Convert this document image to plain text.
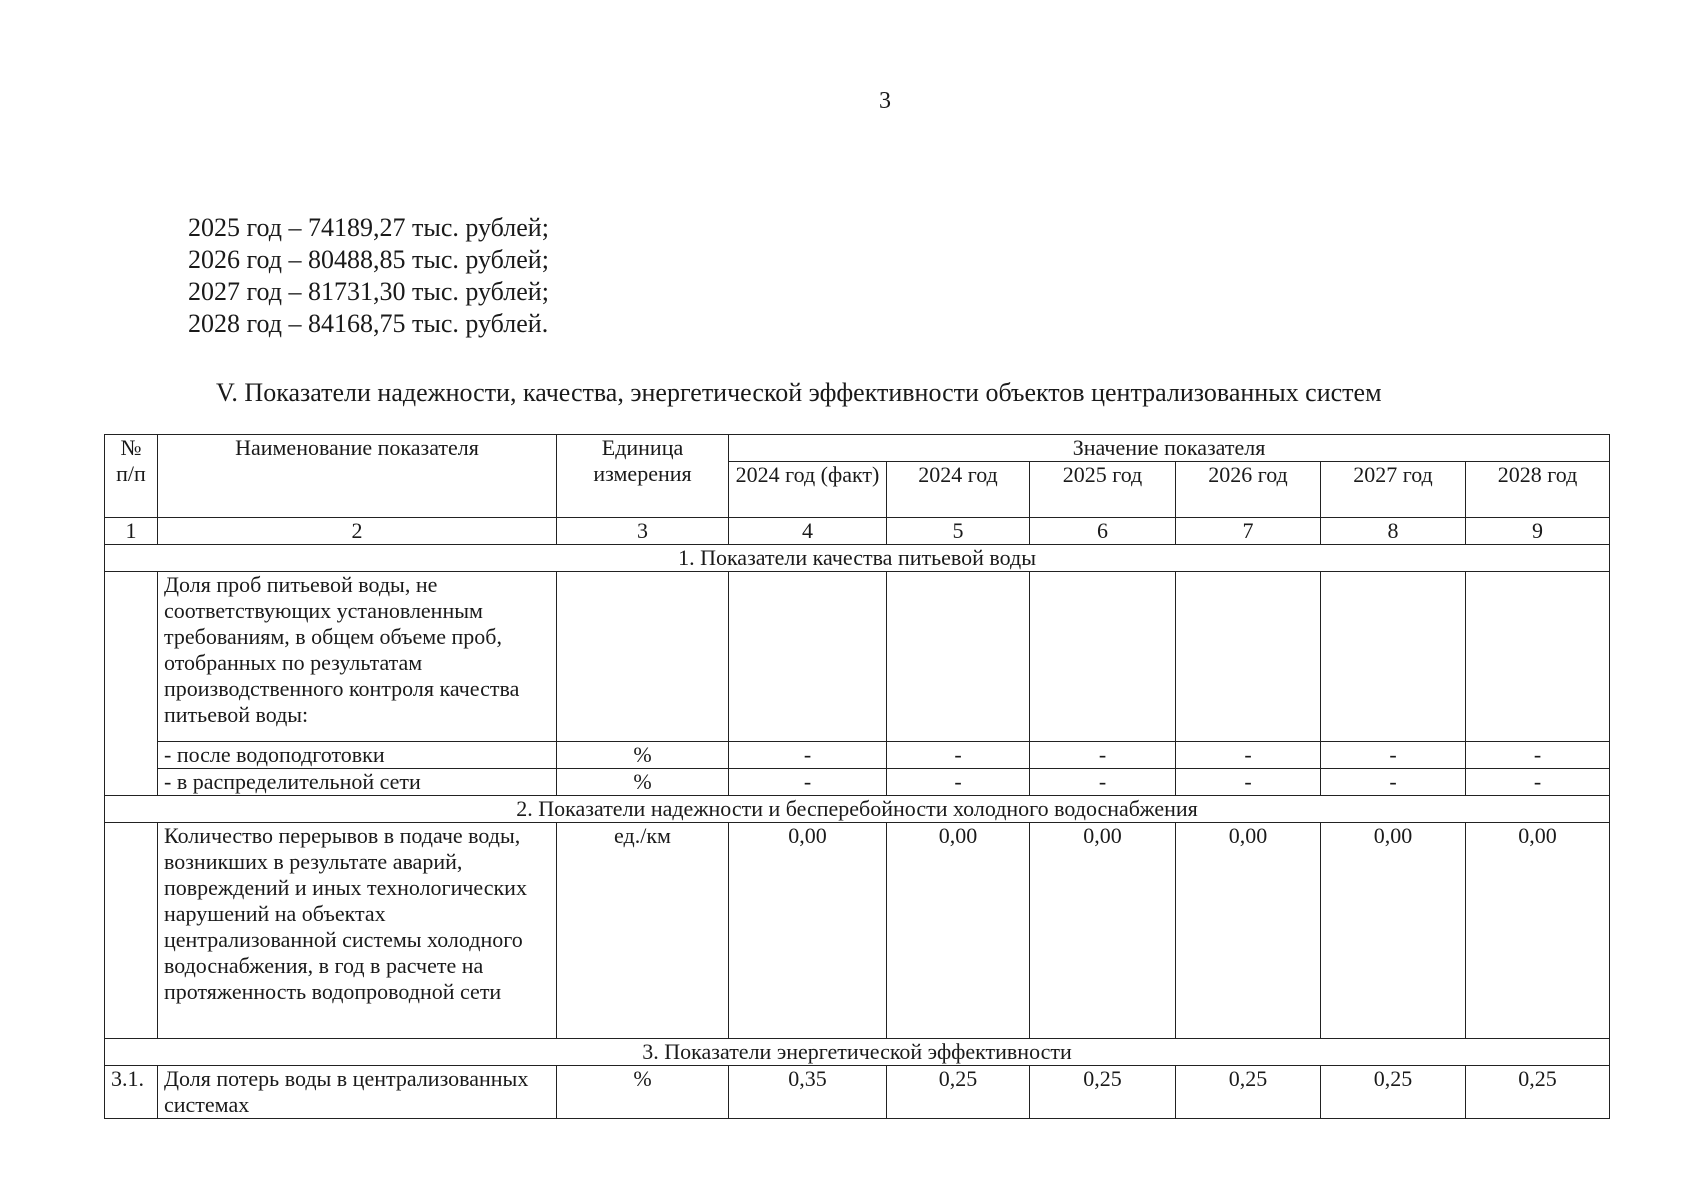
3
2025 год – 74189,27 тыс. рублей;
2026 год – 80488,85 тыс. рублей;
2027 год – 81731,30 тыс. рублей;
2028 год – 84168,75 тыс. рублей.
V. Показатели надежности, качества, энергетической эффективности объектов централизованных систем
№ п/п	Наименование показателя	Единица измерения	Значение показателя					
			2024 год (факт)	2024 год	2025 год	2026 год	2027 год	2028 год
1	2	3	4	5	6	7	8	9
1. Показатели качества питьевой воды								
	Доля проб питьевой воды, не соответствующих установленным требованиям, в общем объеме проб, отобранных по результатам производственного контроля качества питьевой воды:							
	- после водоподготовки	%	-	-	-	-	-	-
	- в распределительной сети	%	-	-	-	-	-	-
2. Показатели надежности и бесперебойности холодного водоснабжения								
	Количество перерывов в подаче воды, возникших в результате аварий, повреждений и иных технологических нарушений на объектах централизованной системы холодного водоснабжения, в год в расчете на протяженность водопроводной сети	ед./км	0,00	0,00	0,00	0,00	0,00	0,00
3. Показатели энергетической эффективности								
3.1.	Доля потерь воды в централизованных системах	%	0,35	0,25	0,25	0,25	0,25	0,25
